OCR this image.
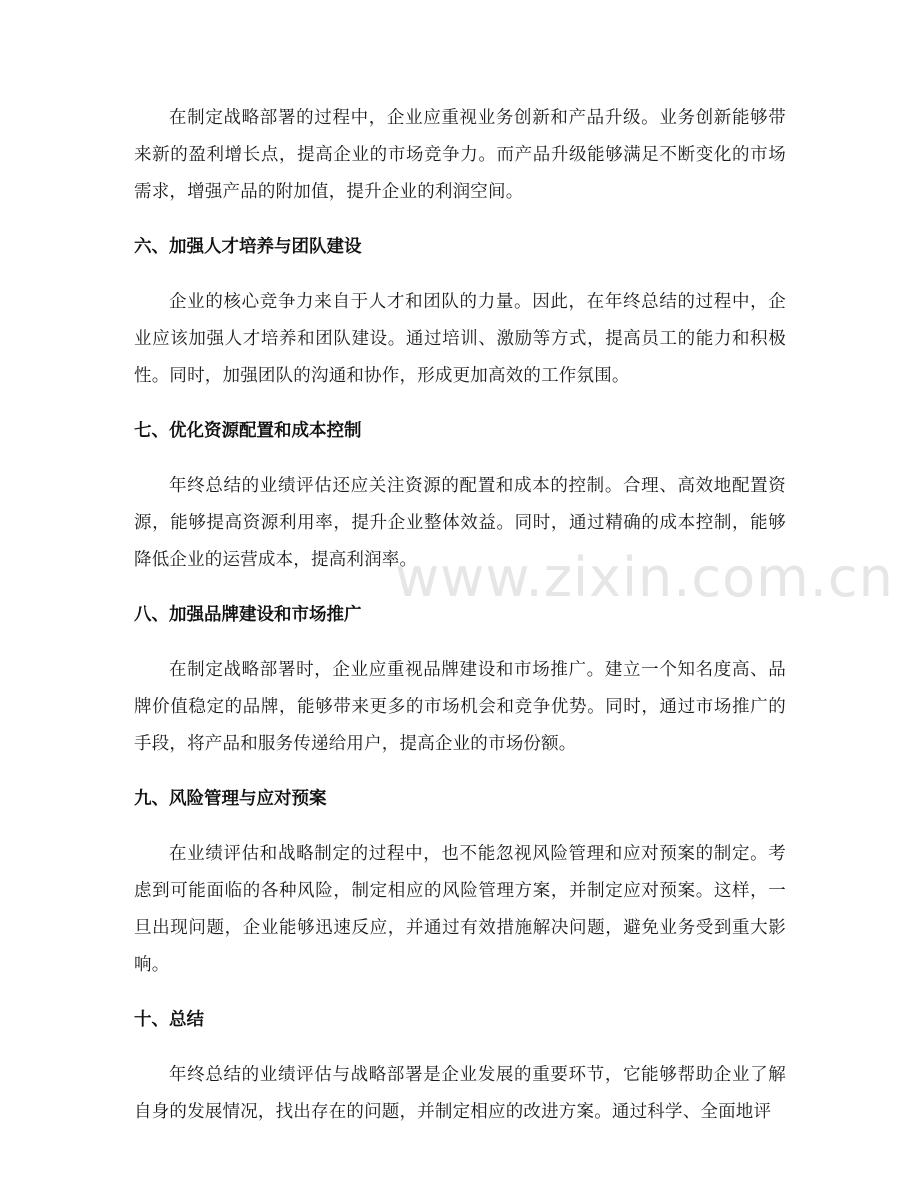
在制定战略部署的过程中，企业应重视业务创新和产品升级。业务创新能够带来新的盈利增长点，提高企业的市场竞争力。而产品升级能够满足不断变化的市场需求，增强产品的附加值，提升企业的利润空间。

六、加强人才培养与团队建设

企业的核心竞争力来自于人才和团队的力量。因此，在年终总结的过程中，企业应该加强人才培养和团队建设。通过培训、激励等方式，提高员工的能力和积极性。同时，加强团队的沟通和协作，形成更加高效的工作氛围。

七、优化资源配置和成本控制

年终总结的业绩评估还应关注资源的配置和成本的控制。合理、高效地配置资源，能够提高资源利用率，提升企业整体效益。同时，通过精确的成本控制，能够降低企业的运营成本，提高利润率。

八、加强品牌建设和市场推广

在制定战略部署时，企业应重视品牌建设和市场推广。建立一个知名度高、品牌价值稳定的品牌，能够带来更多的市场机会和竞争优势。同时，通过市场推广的手段，将产品和服务传递给用户，提高企业的市场份额。

九、风险管理与应对预案

在业绩评估和战略制定的过程中，也不能忽视风险管理和应对预案的制定。考虑到可能面临的各种风险，制定相应的风险管理方案，并制定应对预案。这样，一旦出现问题，企业能够迅速反应，并通过有效措施解决问题，避免业务受到重大影响。

十、总结

年终总结的业绩评估与战略部署是企业发展的重要环节，它能够帮助企业了解自身的发展情况，找出存在的问题，并制定相应的改进方案。通过科学、全面地评

www.zixin.com.cn
